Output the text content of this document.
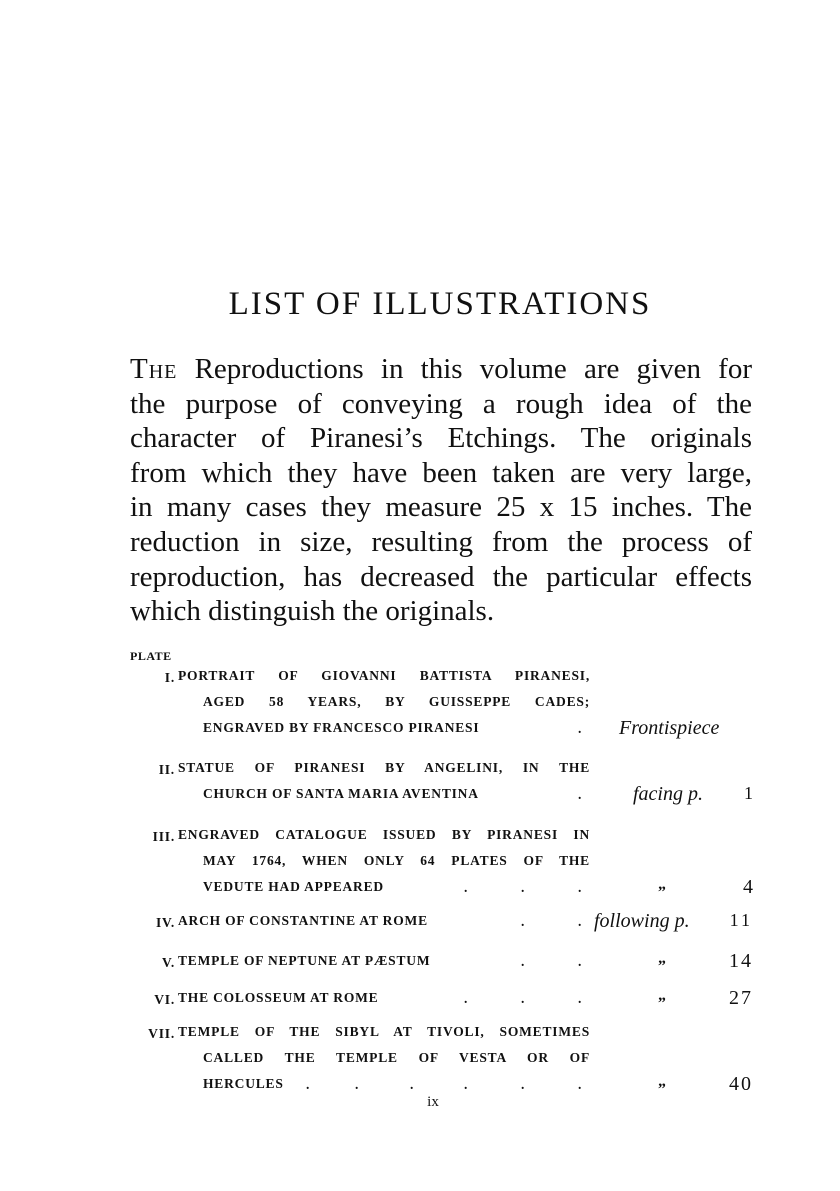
LIST OF ILLUSTRATIONS
The Reproductions in this volume are given for
the purpose of conveying a rough idea of the
character of Piranesi’s Etchings. The originals
from which they have been taken are very large,
in many cases they measure 25 x 15 inches. The
reduction in size, resulting from the process of
reproduction, has decreased the particular effects
which distinguish the originals.
PLATE
I. PORTRAIT OF GIOVANNI BATTISTA PIRANESI,
AGED 58 YEARS, BY GUISSEPPE CADES;
ENGRAVED BY FRANCESCO PIRANESI	. Frontispiece
II. STATUE OF PIRANESI BY ANGELINI, IN THE
CHURCH OF SANTA MARIA AVENTINA	.	facing p. 1
III. ENGRAVED CATALOGUE ISSUED BY PIRANESI IN
MAY 1764, WHEN ONLY 64 PLATES OF THE
VEDUTE HAD APPEARED	.	.	.	„	4
IV. ARCH OF CONSTANTINE AT ROME	.	. following p. 11
V. TEMPLE OF NEPTUNE AT PÆSTUM	.	.	„	14
VI. THE COLOSSEUM AT ROME	.	.	.	„	27
VII. TEMPLE OF THE SIBYL AT TIVOLI, SOMETIMES
CALLED THE TEMPLE OF VESTA OR OF
HERCULES	.	.	.	.	.	.	„	40
ix
